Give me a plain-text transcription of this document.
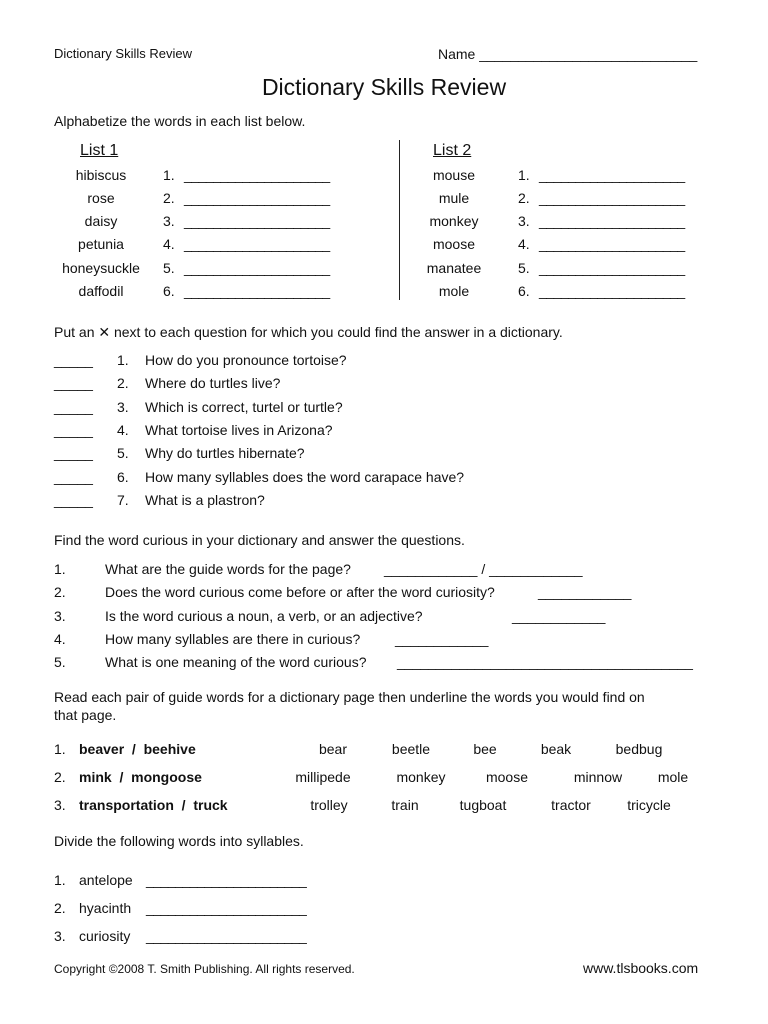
Dictionary Skills Review	Name ____________________________
Dictionary Skills Review
Alphabetize the words in each list below.
List 1	List 2
hibiscus	1. ____________________
rose	2. ____________________
daisy	3. ____________________
petunia	4. ____________________
honeysuckle	5. ____________________
daffodil	6. ____________________
mouse	1. ____________________
mule	2. ____________________
monkey	3. ____________________
moose	4. ____________________
manatee	5. ____________________
mole	6. ____________________
Put an ✕ next to each question for which you could find the answer in a dictionary.
_____ 1. How do you pronounce tortoise?
_____ 2. Where do turtles live?
_____ 3. Which is correct, turtel or turtle?
_____ 4. What tortoise lives in Arizona?
_____ 5. Why do turtles hibernate?
_____ 6. How many syllables does the word carapace have?
_____ 7. What is a plastron?
Find the word curious in your dictionary and answer the questions.
1.	What are the guide words for the page? ____________ / ____________
2.	Does the word curious come before or after the word curiosity?	____________
3.	Is the word curious a noun, a verb, or an adjective?	____________
4.	How many syllables are there in curious? ____________
5.	What is one meaning of the word curious? ______________________________________
Read each pair of guide words for a dictionary page then underline the words you would find on
that page.
1. beaver  /  beehive	bear	beetle	bee	beak	bedbug
2. mink  /  mongoose	millipede	monkey	moose	minnow	mole
3. transportation  /  truck	trolley	train	tugboat	tractor	tricycle
Divide the following words into syllables.
1. antelope ______________________
2. hyacinth ______________________
3. curiosity ______________________
Copyright ©2008 T. Smith Publishing. All rights reserved.	www.tlsbooks.com
